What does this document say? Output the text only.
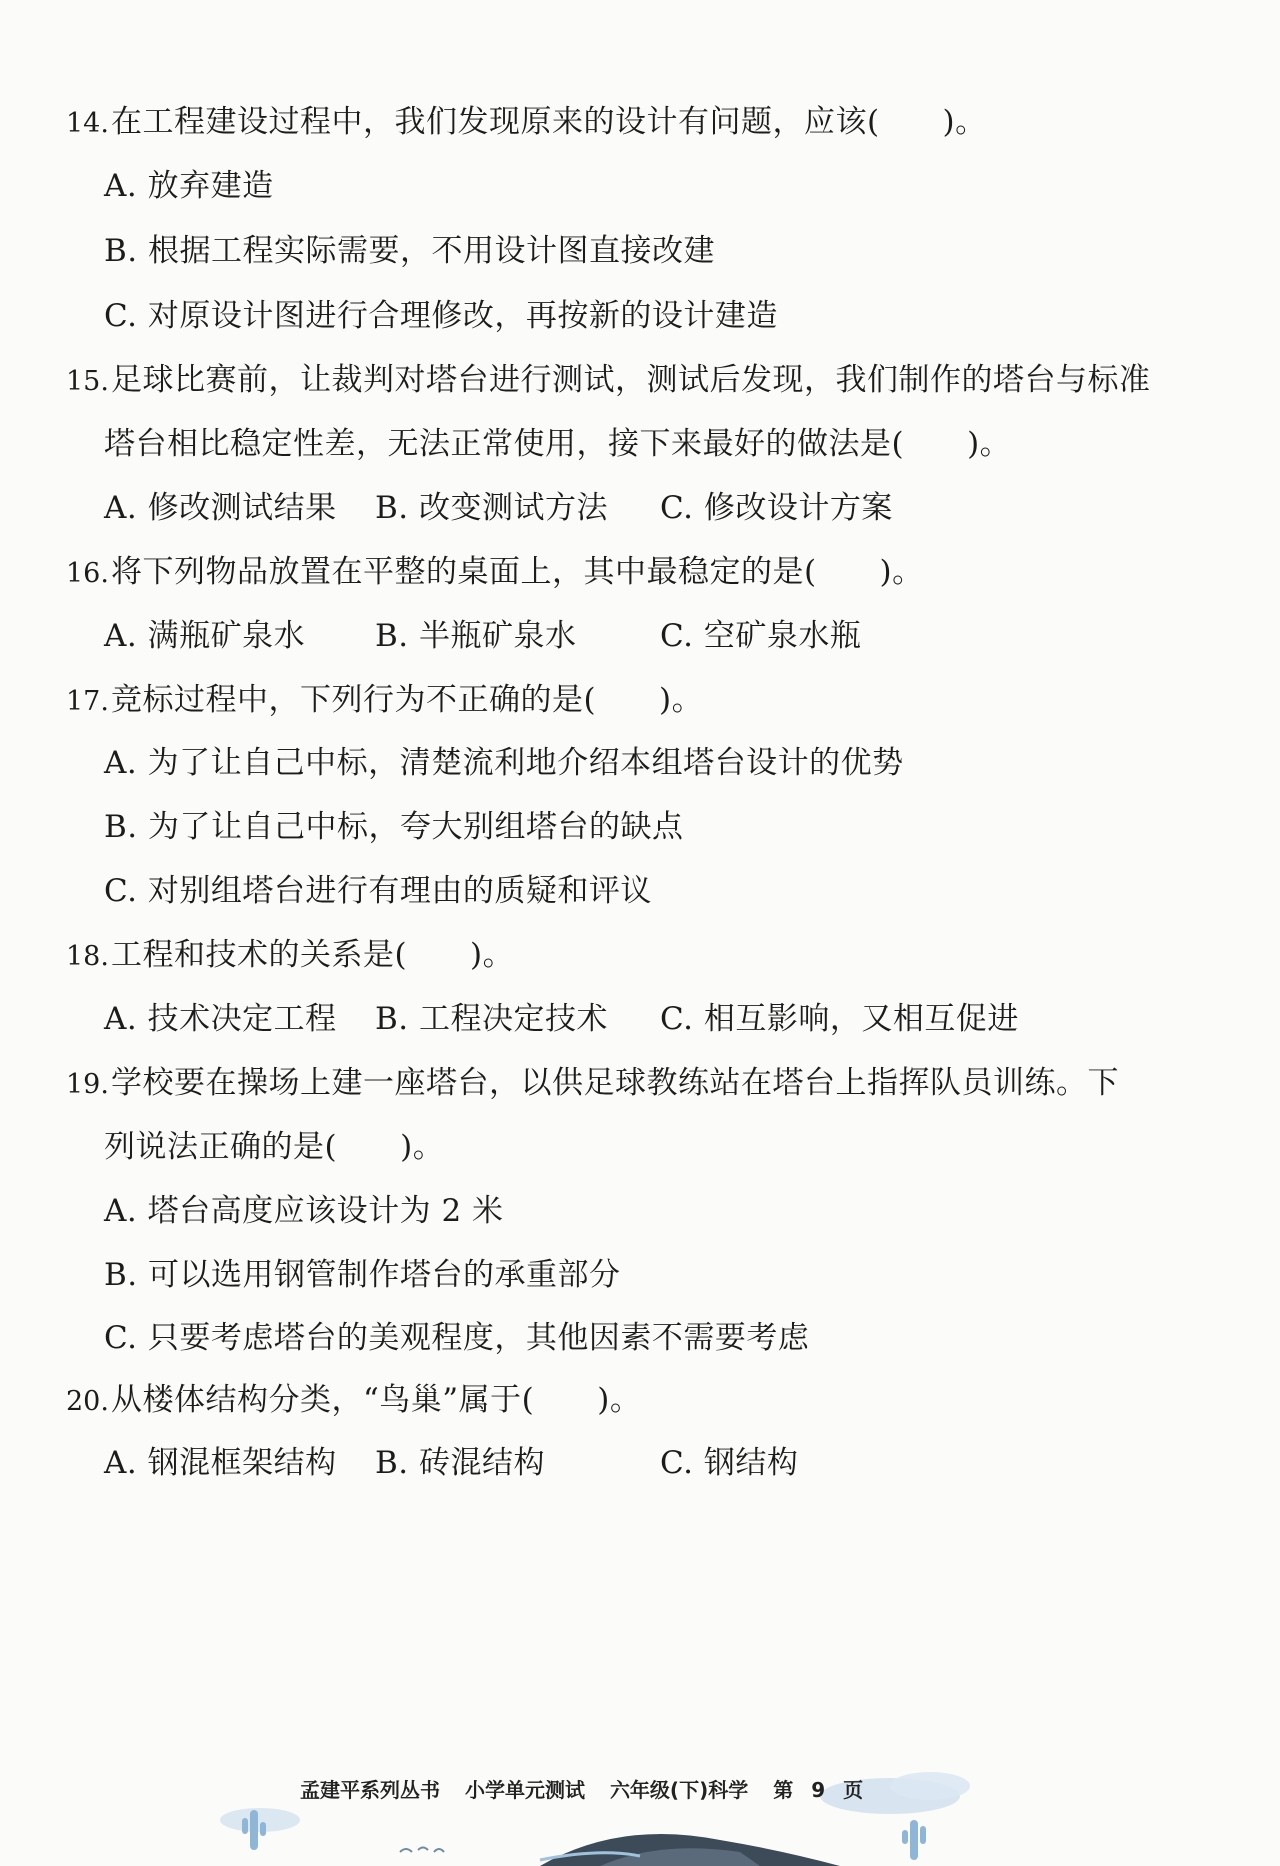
14.在工程建设过程中，我们发现原来的设计有问题，应该(　　)。
A. 放弃建造
B. 根据工程实际需要，不用设计图直接改建
C. 对原设计图进行合理修改，再按新的设计建造
15.足球比赛前，让裁判对塔台进行测试，测试后发现，我们制作的塔台与标准
塔台相比稳定性差，无法正常使用，接下来最好的做法是(　　)。
A. 修改测试结果 B. 改变测试方法 C. 修改设计方案
16.将下列物品放置在平整的桌面上，其中最稳定的是(　　)。
A. 满瓶矿泉水 B. 半瓶矿泉水	C. 空矿泉水瓶
17.竞标过程中，下列行为不正确的是(　　)。
A. 为了让自己中标，清楚流利地介绍本组塔台设计的优势
B. 为了让自己中标，夸大别组塔台的缺点
C. 对别组塔台进行有理由的质疑和评议
18.工程和技术的关系是(　　)。
A. 技术决定工程 B. 工程决定技术 C. 相互影响，又相互促进
19.学校要在操场上建一座塔台，以供足球教练站在塔台上指挥队员训练。下
列说法正确的是(　　)。
A. 塔台高度应该设计为 2 米
B. 可以选用钢管制作塔台的承重部分
C. 只要考虑塔台的美观程度，其他因素不需要考虑
20.从楼体结构分类，“鸟巢”属于(　　)。
A. 钢混框架结构 B. 砖混结构	C. 钢结构
孟建平系列丛书 小学单元测试 六年级(下)科学 第 9 页
